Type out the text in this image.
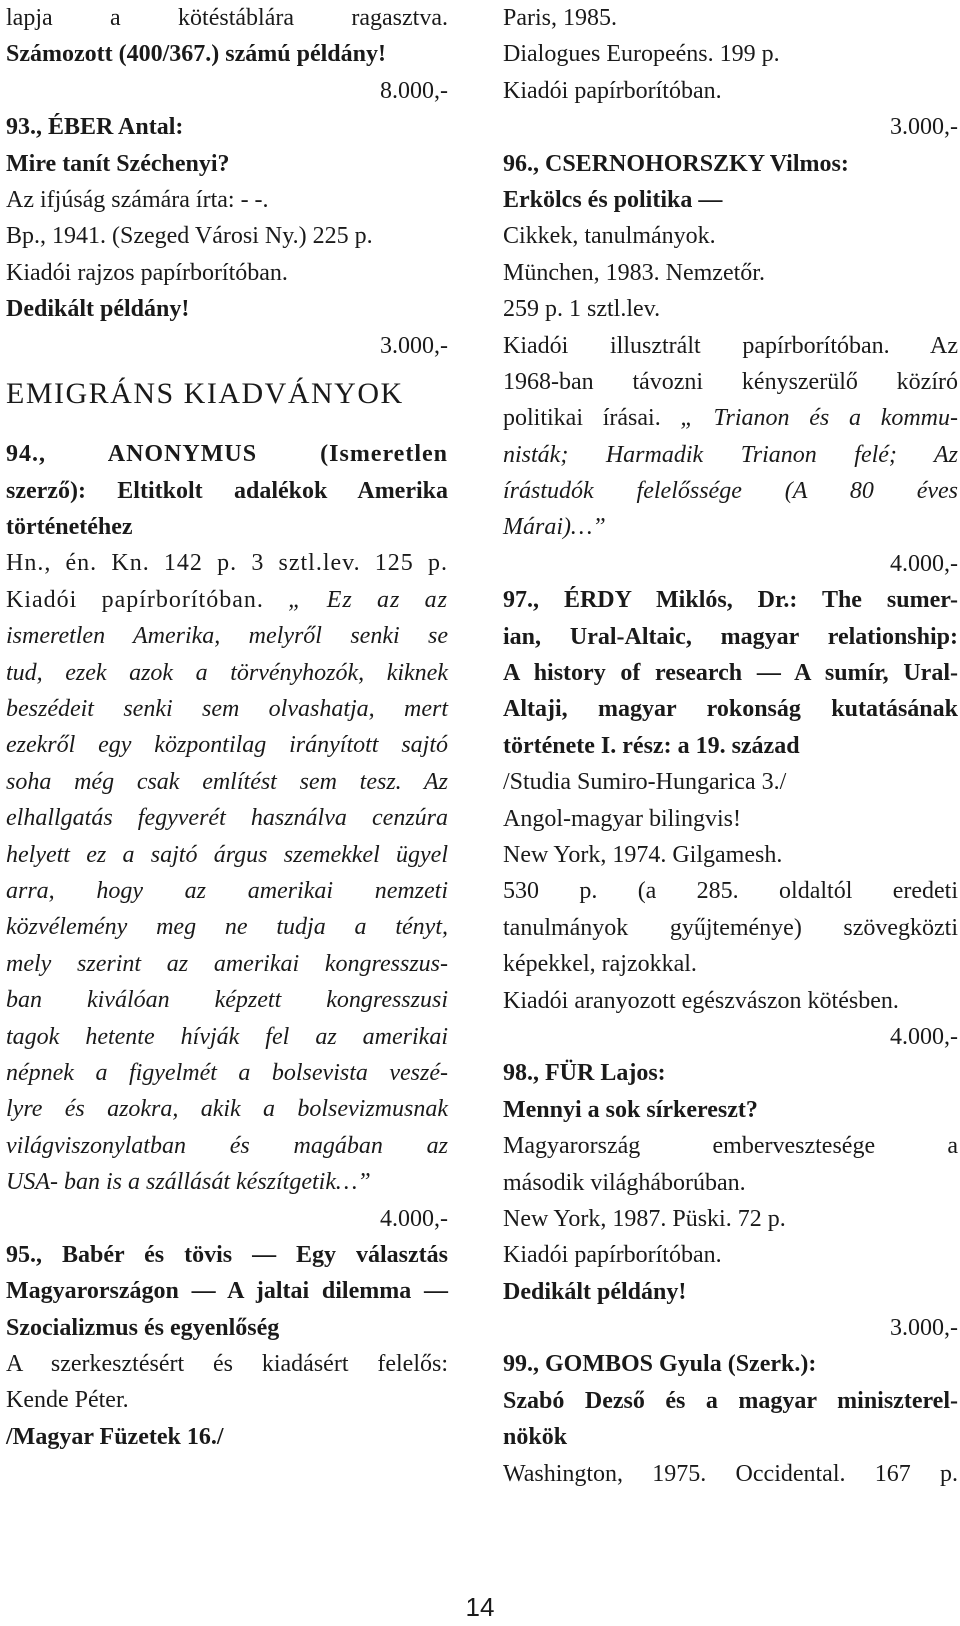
lapja a kötéstáblára ragasztva.
Számozott (400/367.) számú példány!
8.000,-
93., ÉBER Antal:
Mire tanít Széchenyi?
Az ifjúság számára írta: - -.
Bp., 1941. (Szeged Városi Ny.) 225 p.
Kiadói rajzos papírborítóban.
Dedikált példány!
3.000,-
EMIGRÁNS KIADVÁNYOK
94., ANONYMUS (Ismeretlen
szerző): Eltitkolt adalékok Amerika
történetéhez
Hn., én. Kn. 142 p. 3 sztl.lev. 125 p.
Kiadói papírborítóban. „ Ez az az
ismeretlen Amerika, melyről senki se
tud, ezek azok a törvényhozók, kiknek
beszédeit senki sem olvashatja, mert
ezekről egy központilag irányított sajtó
soha még csak említést sem tesz. Az
elhallgatás fegyverét használva cenzúra
helyett ez a sajtó árgus szemekkel ügyel
arra, hogy az amerikai nemzeti
közvélemény meg ne tudja a tényt,
mely szerint az amerikai kongresszus-
ban kiválóan képzett kongresszusi
tagok hetente hívják fel az amerikai
népnek a figyelmét a bolsevista veszé-
lyre és azokra, akik a bolsevizmusnak
világviszonylatban és magában az
USA- ban is a szállását készítgetik…”
4.000,-
95., Babér és tövis — Egy választás
Magyarországon — A jaltai dilemma —
Szocializmus és egyenlőség
A szerkesztésért és kiadásért felelős:
Kende Péter.
/Magyar Füzetek 16./
Paris, 1985.
Dialogues Europeéns. 199 p.
Kiadói papírborítóban.
3.000,-
96., CSERNOHORSZKY Vilmos:
Erkölcs és politika —
Cikkek, tanulmányok.
München, 1983. Nemzetőr.
259 p. 1 sztl.lev.
Kiadói illusztrált papírborítóban. Az
1968-ban távozni kényszerülő közíró
politikai írásai. „ Trianon és a kommu-
nisták; Harmadik Trianon felé; Az
írástudók felelőssége (A 80 éves
Márai)…”
4.000,-
97., ÉRDY Miklós, Dr.: The sumer-
ian, Ural-Altaic, magyar relationship:
A history of research — A sumír, Ural-
Altaji, magyar rokonság kutatásának
története I. rész: a 19. század
/Studia Sumiro-Hungarica 3./
Angol-magyar bilingvis!
New York, 1974. Gilgamesh.
530 p. (a 285. oldaltól eredeti
tanulmányok gyűjteménye) szövegközti
képekkel, rajzokkal.
Kiadói aranyozott egészvászon kötésben.
4.000,-
98., FÜR Lajos:
Mennyi a sok sírkereszt?
Magyarország embervesztesége a
második világháborúban.
New York, 1987. Püski. 72 p.
Kiadói papírborítóban.
Dedikált példány!
3.000,-
99., GOMBOS Gyula (Szerk.):
Szabó Dezső és a magyar miniszterel-
nökök
Washington, 1975. Occidental. 167 p.
14
